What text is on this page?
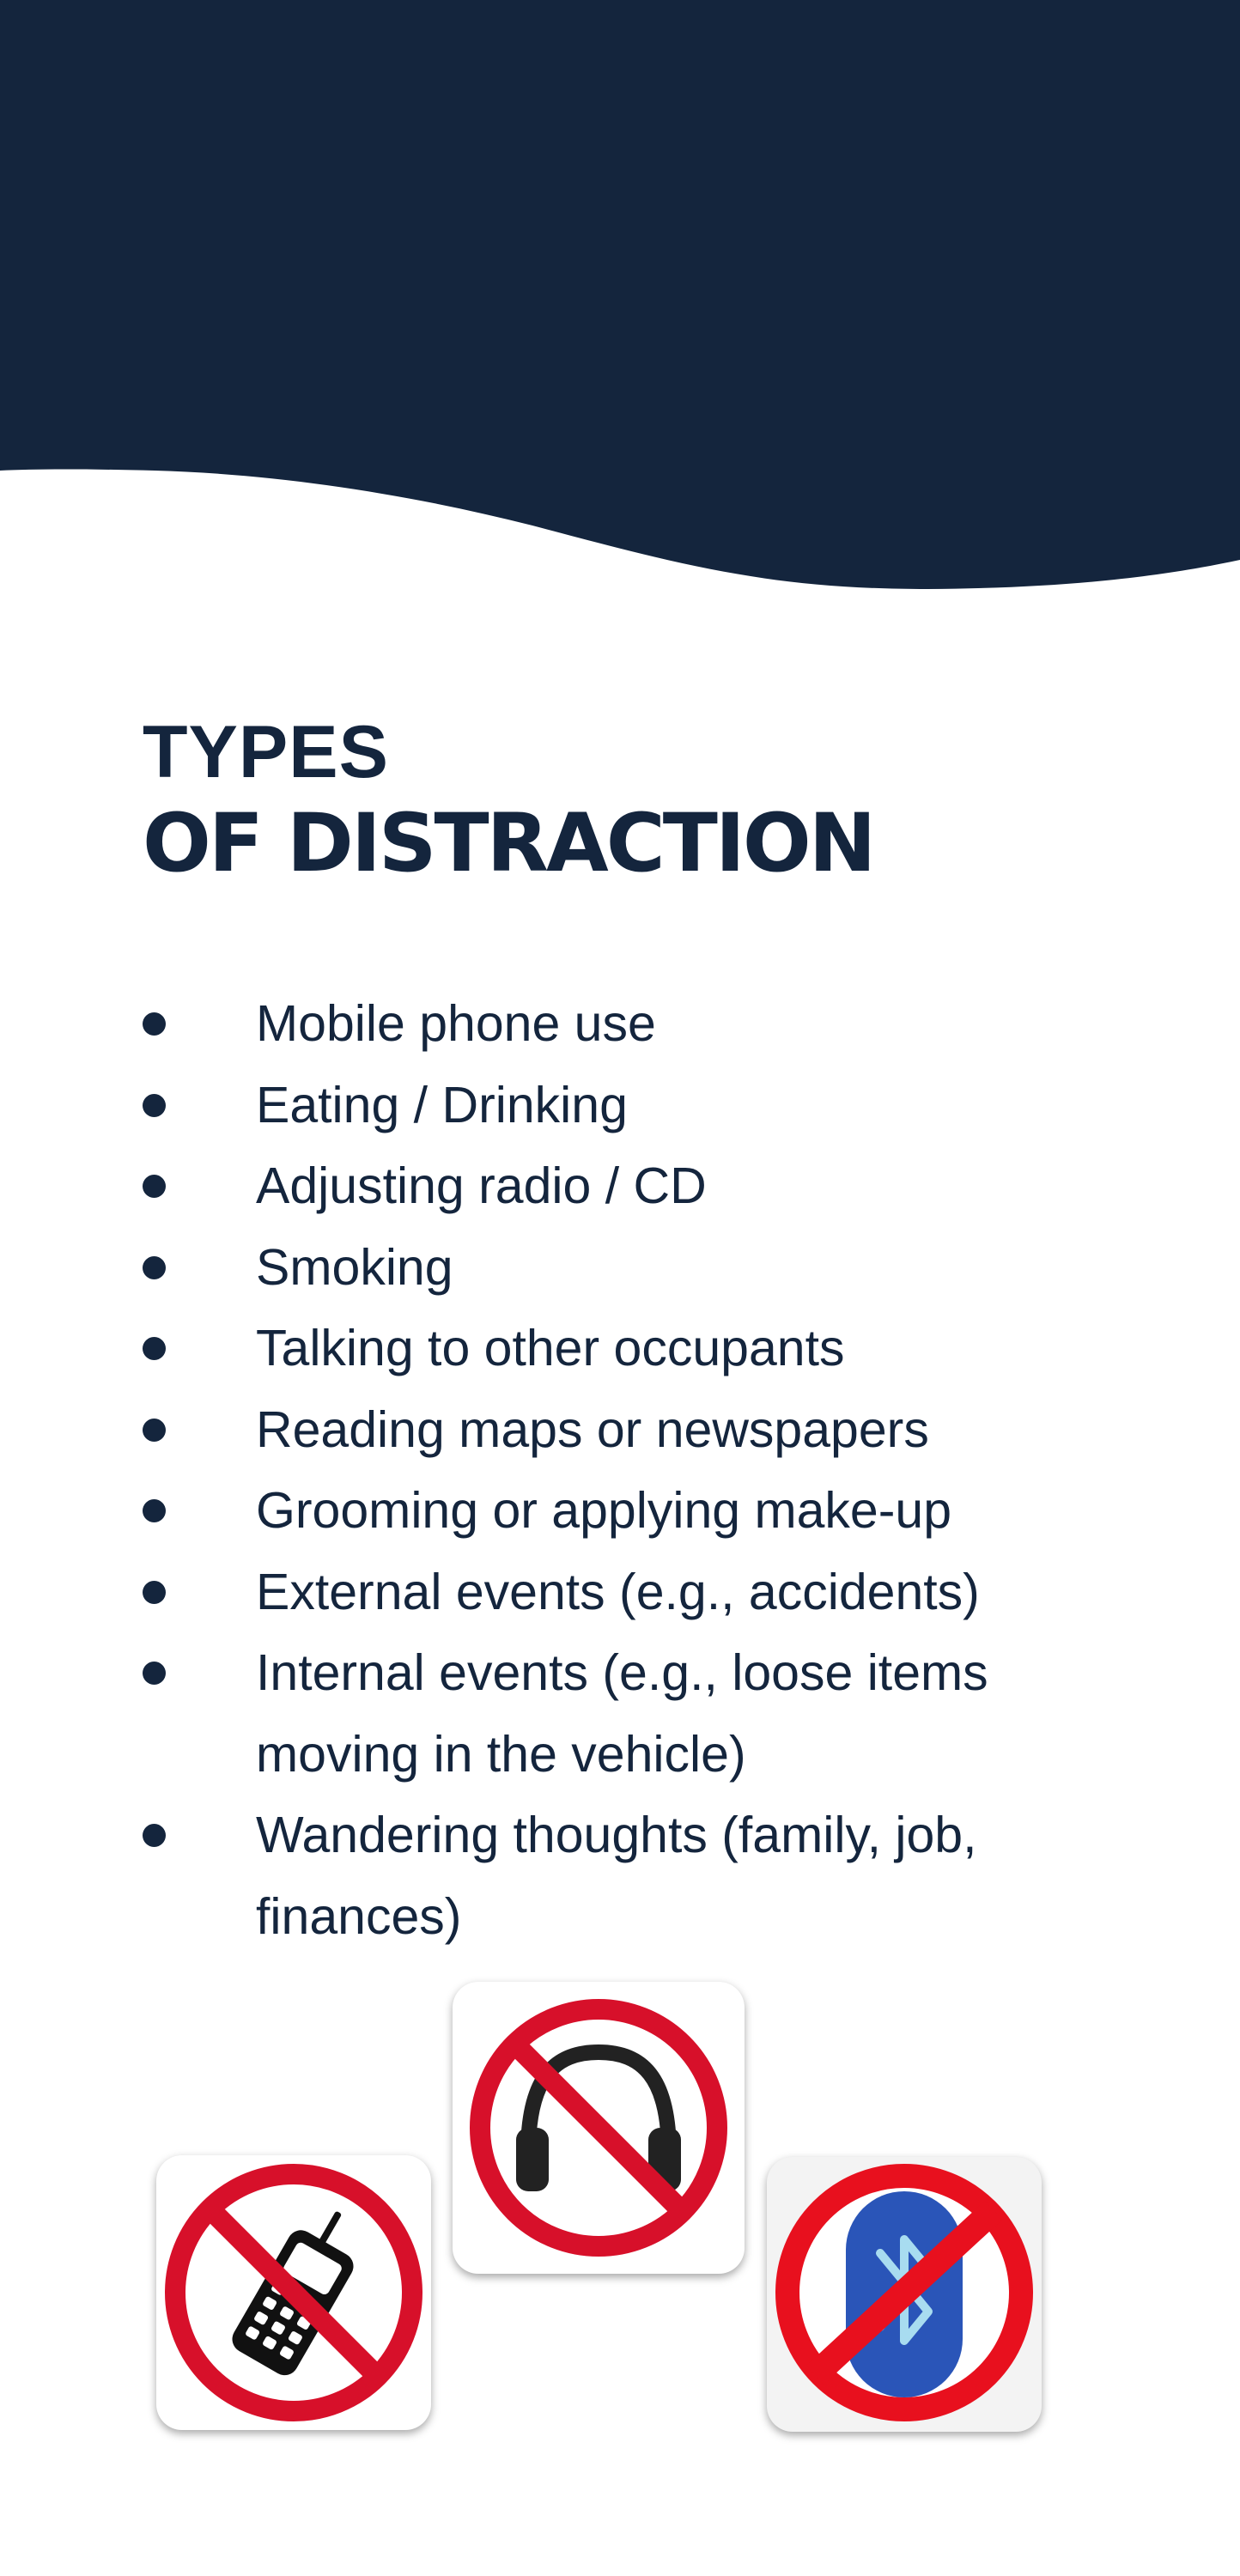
TYPES
OF DISTRACTION
Mobile phone use
Eating / Drinking
Adjusting radio / CD
Smoking
Talking to other occupants
Reading maps or newspapers
Grooming or applying make-up
External events (e.g., accidents)
Internal events (e.g., loose items moving in the vehicle)
Wandering thoughts (family, job, finances)
